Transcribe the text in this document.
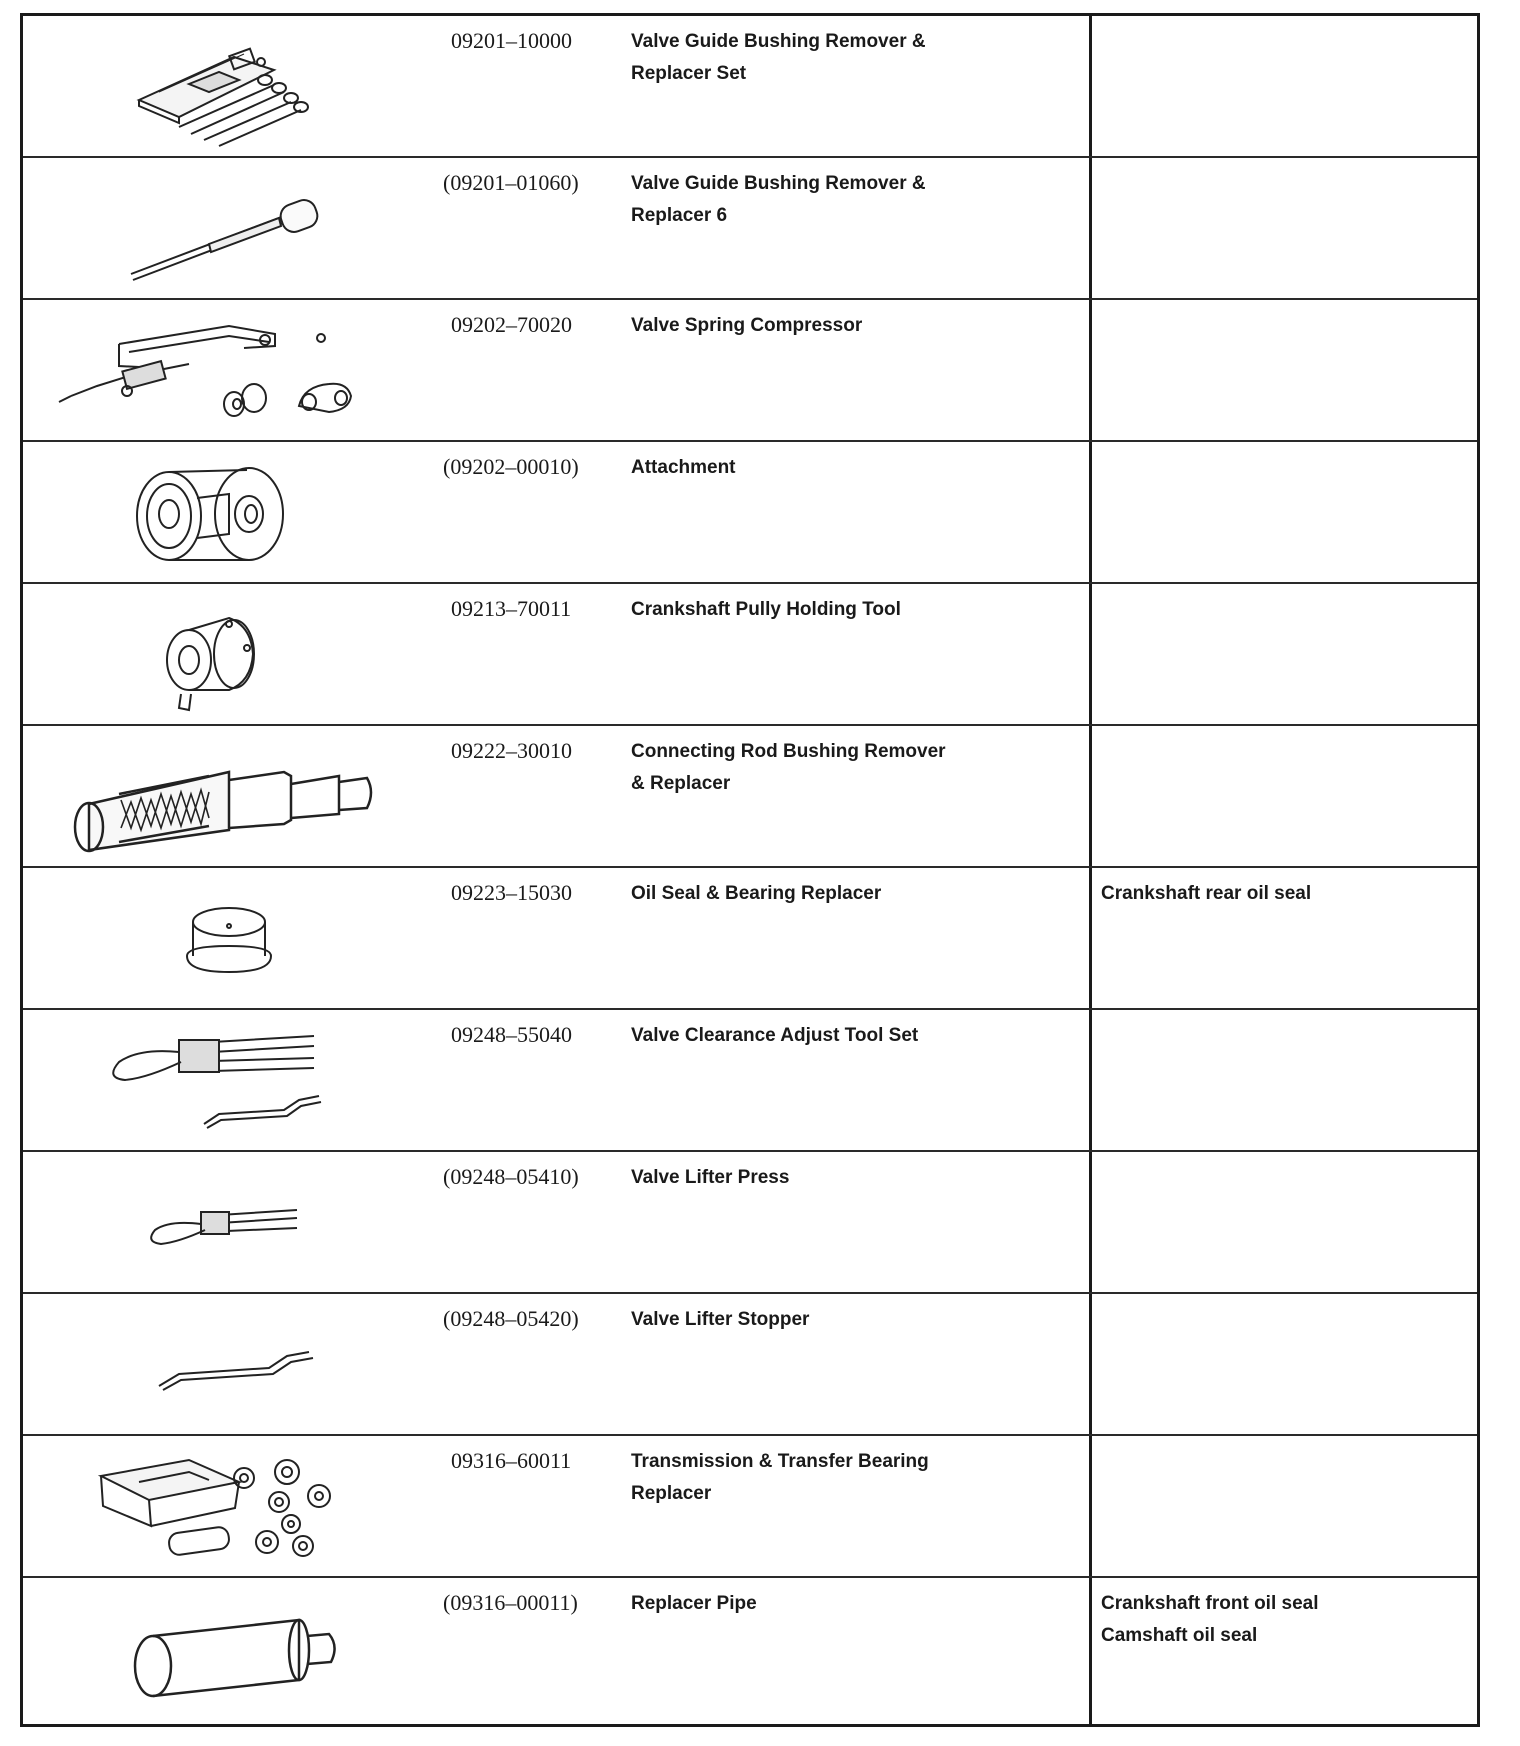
09201–10000	Valve Guide Bushing Remover &
Replacer Set
(09201–01060)	Valve Guide Bushing Remover &
Replacer 6
09202–70020	Valve Spring Compressor
(09202–00010)	Attachment
09213–70011	Crankshaft Pully Holding Tool
09222–30010	Connecting Rod Bushing Remover
& Replacer
09223–15030	Oil Seal & Bearing Replacer	Crankshaft rear oil seal
09248–55040	Valve Clearance Adjust Tool Set
(09248–05410)	Valve Lifter Press
(09248–05420)	Valve Lifter Stopper
09316–60011	Transmission & Transfer Bearing
Replacer
(09316–00011)	Replacer Pipe	Crankshaft front oil seal
Camshaft oil seal
